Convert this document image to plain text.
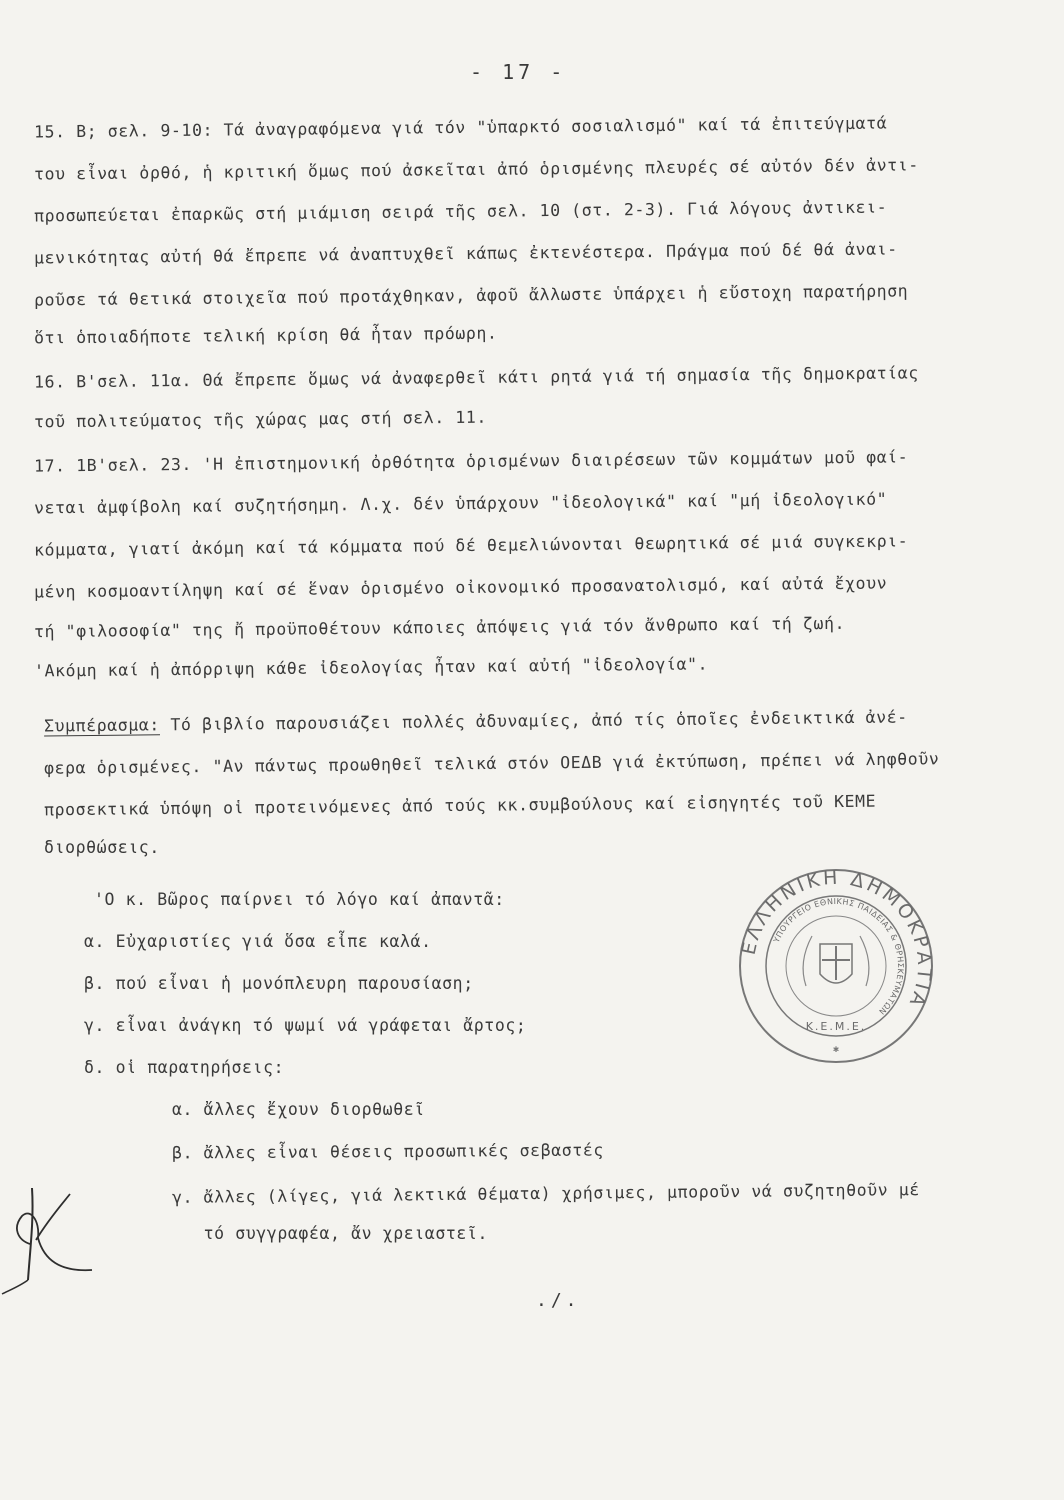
- 17 -
15. Β; σελ. 9-10: Τά ἀναγραφόμενα γιά τόν "ὑπαρκτό σοσιαλισμό" καί τά ἐπιτεύγματά
του εἶναι ὀρθό, ἡ κριτική ὅμως πού ἀσκεῖται ἀπό ὁρισμένης πλευρές σέ αὐτόν δέν ἀντι-
προσωπεύεται ἐπαρκῶς στή μιάμιση σειρά τῆς σελ. 10 (στ. 2-3). Γιά λόγους ἀντικει-
μενικότητας αὐτή θά ἔπρεπε νά ἀναπτυχθεῖ κάπως ἐκτενέστερα. Πράγμα πού δέ θά ἀναι-
ροῦσε τά θετικά στοιχεῖα πού προτάχθηκαν, ἀφοῦ ἄλλωστε ὑπάρχει ἡ εὔστοχη παρατήρηση
ὅτι ὁποιαδήποτε τελική κρίση θά ἦταν πρόωρη.
16. Β'σελ. 11α. Θά ἔπρεπε ὅμως νά ἀναφερθεῖ κάτι ρητά γιά τή σημασία τῆς δημοκρατίας
τοῦ πολιτεύματος τῆς χώρας μας στή σελ. 11.
17. 1Β'σελ. 23. 'Η ἐπιστημονική ὀρθότητα ὁρισμένων διαιρέσεων τῶν κομμάτων μοῦ φαί-
νεται ἀμφίβολη καί συζητήσημη. Λ.χ. δέν ὑπάρχουν "ἰδεολογικά" καί "μή ἰδεολογικό"
κόμματα, γιατί ἀκόμη καί τά κόμματα πού δέ θεμελιώνονται θεωρητικά σέ μιά συγκεκρι-
μένη κοσμοαντίληψη καί σέ ἕναν ὁρισμένο οἰκονομικό προσανατολισμό, καί αὐτά ἔχουν
τή "φιλοσοφία" της ἤ προϋποθέτουν κάποιες ἀπόψεις γιά τόν ἄνθρωπο καί τή ζωή.
'Ακόμη καί ἡ ἀπόρριψη κάθε ἰδεολογίας ἦταν καί αὐτή "ἰδεολογία".
Συμπέρασμα: Τό βιβλίο παρουσιάζει πολλές ἀδυναμίες, ἀπό τίς ὁποῖες ἐνδεικτικά ἀνέ-
φερα ὁρισμένες. "Αν πάντως προωθηθεῖ τελικά στόν ΟΕΔΒ γιά ἐκτύπωση, πρέπει νά ληφθοῦν
προσεκτικά ὑπόψη οἱ προτεινόμενες ἀπό τούς κκ.συμβούλους καί εἰσηγητές τοῦ ΚΕΜΕ
διορθώσεις.
'Ο κ. Βῶρος παίρνει τό λόγο καί ἀπαντᾶ:
α. Εὐχαριστίες γιά ὅσα εἶπε καλά.
β. πού εἶναι ἡ μονόπλευρη παρουσίαση;
γ. εἶναι ἀνάγκη τό ψωμί νά γράφεται ἄρτος;
δ. οἱ παρατηρήσεις:
α. ἄλλες ἔχουν διορθωθεῖ
β. ἄλλες εἶναι θέσεις προσωπικές σεβαστές
γ. ἄλλες (λίγες, γιά λεκτικά θέματα) χρήσιμες, μποροῦν νά συζητηθοῦν μέ
τό συγγραφέα, ἄν χρειαστεῖ.
./.
ΕΛΛΗΝΙΚΗ ΔΗΜΟΚΡΑΤΙΑ
ΥΠΟΥΡΓΕΙΟ ΕΘΝΙΚΗΣ ΠΑΙΔΕΙΑΣ & ΘΡΗΣΚΕΥΜΑΤΩΝ
Κ.Ε.Μ.Ε.
✱
